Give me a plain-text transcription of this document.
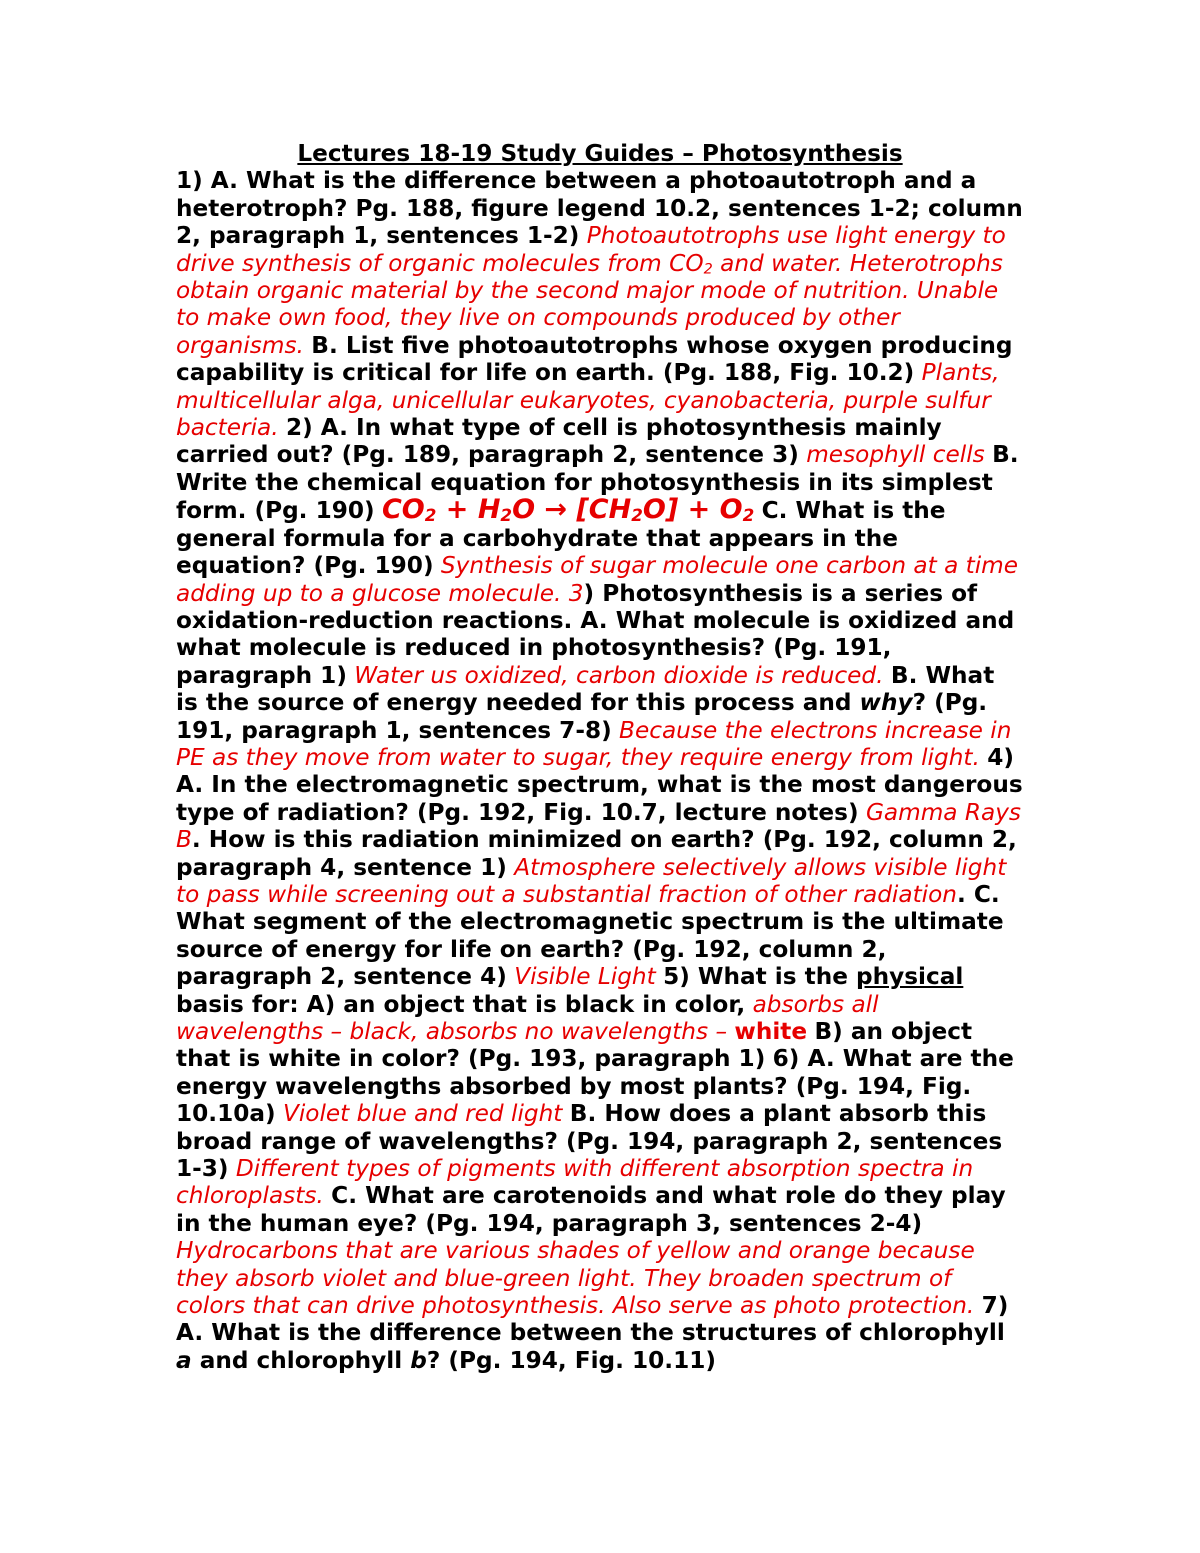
Lectures 18-19 Study Guides – Photosynthesis
1) A. What is the difference between a photoautotroph and a heterotroph? Pg. 188, figure legend 10.2, sentences 1-2; column 2, paragraph 1, sentences 1-2) Photoautotrophs use light energy to drive synthesis of organic molecules from $CO_2$ and water. Heterotrophs obtain organic material by the second major mode of nutrition. Unable to make own food, they live on compounds produced by other organisms. B. List five photoautotrophs whose oxygen producing capability is critical for life on earth. (Pg. 188, Fig. 10.2) Plants, multicellular alga, unicellular eukaryotes, cyanobacteria, purple sulfur bacteria. 2) A. In what type of cell is photosynthesis mainly carried out? (Pg. 189, paragraph 2, sentence 3) mesophyll cells B. Write the chemical equation for photosynthesis in its simplest form. (Pg. 190) $CO_2 + H_2O \to [CH_2O] + O_2$ C. What is the general formula for a carbohydrate that appears in the equation? (Pg. 190) Synthesis of sugar molecule one carbon at a time adding up to a glucose molecule. 3) Photosynthesis is a series of oxidation-reduction reactions. A. What molecule is oxidized and what molecule is reduced in photosynthesis? (Pg. 191, paragraph 1) Water us oxidized, carbon dioxide is reduced. B. What is the source of energy needed for this process and why? (Pg. 191, paragraph 1, sentences 7-8) Because the electrons increase in PE as they move from water to sugar, they require energy from light. 4) A. In the electromagnetic spectrum, what is the most dangerous type of radiation? (Pg. 192, Fig. 10.7, lecture notes) Gamma Rays B. How is this radiation minimized on earth? (Pg. 192, column 2, paragraph 4, sentence 1) Atmosphere selectively allows visible light to pass while screening out a substantial fraction of other radiation. C. What segment of the electromagnetic spectrum is the ultimate source of energy for life on earth? (Pg. 192, column 2, paragraph 2, sentence 4) Visible Light 5) What is the physical basis for: A) an object that is black in color, absorbs all wavelengths – black, absorbs no wavelengths – white B) an object that is white in color? (Pg. 193, paragraph 1) 6) A. What are the energy wavelengths absorbed by most plants? (Pg. 194, Fig. 10.10a) Violet blue and red light B. How does a plant absorb this broad range of wavelengths? (Pg. 194, paragraph 2, sentences 1-3) Different types of pigments with different absorption spectra in chloroplasts. C. What are carotenoids and what role do they play in the human eye? (Pg. 194, paragraph 3, sentences 2-4) Hydrocarbons that are various shades of yellow and orange because they absorb violet and blue-green light. They broaden spectrum of colors that can drive photosynthesis. Also serve as photo protection. 7) A. What is the difference between the structures of chlorophyll a and chlorophyll b? (Pg. 194, Fig. 10.11)
